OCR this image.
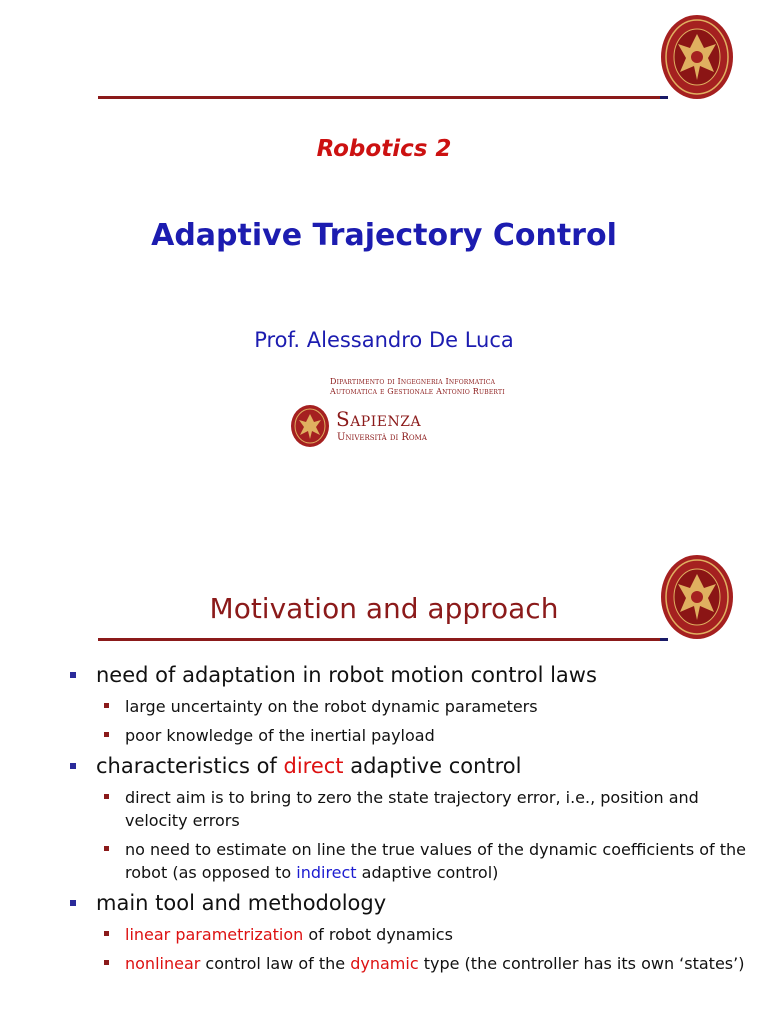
Robotics 2
Adaptive Trajectory Control
Prof. Alessandro De Luca
Dipartimento di Ingegneria Informatica
Automatica e Gestionale Antonio Ruberti
Sapienza
Università di Roma
Motivation and approach
need of adaptation in robot motion control laws
large uncertainty on the robot dynamic parameters
poor knowledge of the inertial payload
characteristics of direct adaptive control
direct aim is to bring to zero the state trajectory error, i.e., position and velocity errors
no need to estimate on line the true values of the dynamic coefficients of the robot (as opposed to indirect adaptive control)
main tool and methodology
linear parametrization of robot dynamics
nonlinear control law of the dynamic type (the controller has its own ‘states’)
